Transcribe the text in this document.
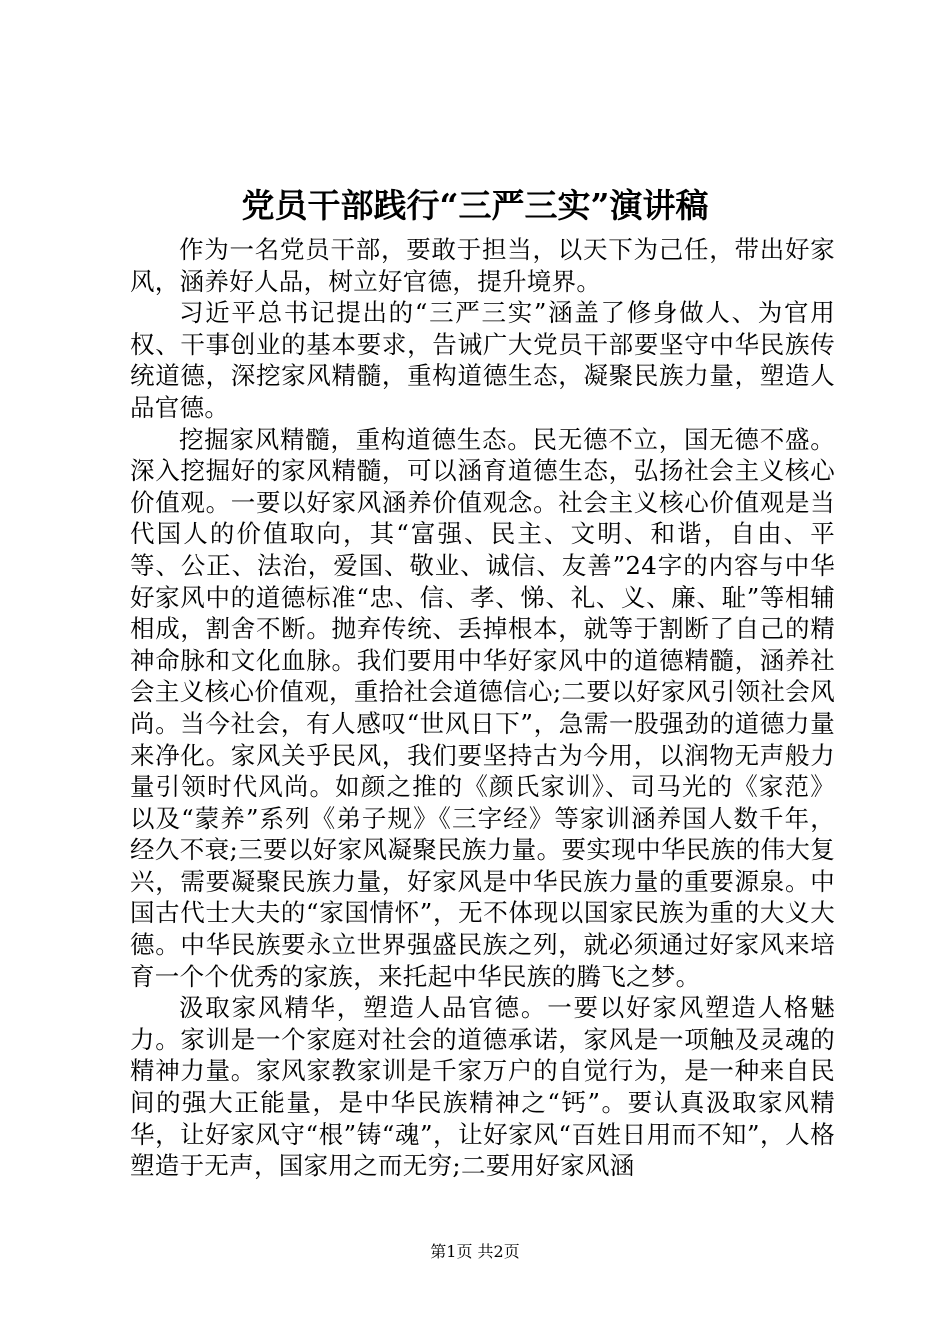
党员干部践行“三严三实”演讲稿

作为一名党员干部，要敢于担当，以天下为己任，带出好家风，涵养好人品，树立好官德，提升境界。

习近平总书记提出的“三严三实”涵盖了修身做人、为官用权、干事创业的基本要求，告诫广大党员干部要坚守中华民族传统道德，深挖家风精髓，重构道德生态，凝聚民族力量，塑造人品官德。

挖掘家风精髓，重构道德生态。民无德不立，国无德不盛。深入挖掘好的家风精髓，可以涵育道德生态，弘扬社会主义核心价值观。一要以好家风涵养价值观念。社会主义核心价值观是当代国人的价值取向，其“富强、民主、文明、和谐，自由、平等、公正、法治，爱国、敬业、诚信、友善”24字的内容与中华好家风中的道德标准“忠、信、孝、悌、礼、义、廉、耻”等相辅相成，割舍不断。抛弃传统、丢掉根本，就等于割断了自己的精神命脉和文化血脉。我们要用中华好家风中的道德精髓，涵养社会主义核心价值观，重拾社会道德信心;二要以好家风引领社会风尚。当今社会，有人感叹“世风日下”，急需一股强劲的道德力量来净化。家风关乎民风，我们要坚持古为今用，以润物无声般力量引领时代风尚。如颜之推的《颜氏家训》、司马光的《家范》以及“蒙养”系列《弟子规》《三字经》等家训涵养国人数千年，经久不衰;三要以好家风凝聚民族力量。要实现中华民族的伟大复兴，需要凝聚民族力量，好家风是中华民族力量的重要源泉。中国古代士大夫的“家国情怀”，无不体现以国家民族为重的大义大德。中华民族要永立世界强盛民族之列，就必须通过好家风来培育一个个优秀的家族，来托起中华民族的腾飞之梦。

汲取家风精华，塑造人品官德。一要以好家风塑造人格魅力。家训是一个家庭对社会的道德承诺，家风是一项触及灵魂的精神力量。家风家教家训是千家万户的自觉行为，是一种来自民间的强大正能量，是中华民族精神之“钙”。要认真汲取家风精华，让好家风守“根”铸“魂”，让好家风“百姓日用而不知”，人格塑造于无声，国家用之而无穷;二要用好家风涵

第1页 共2页
